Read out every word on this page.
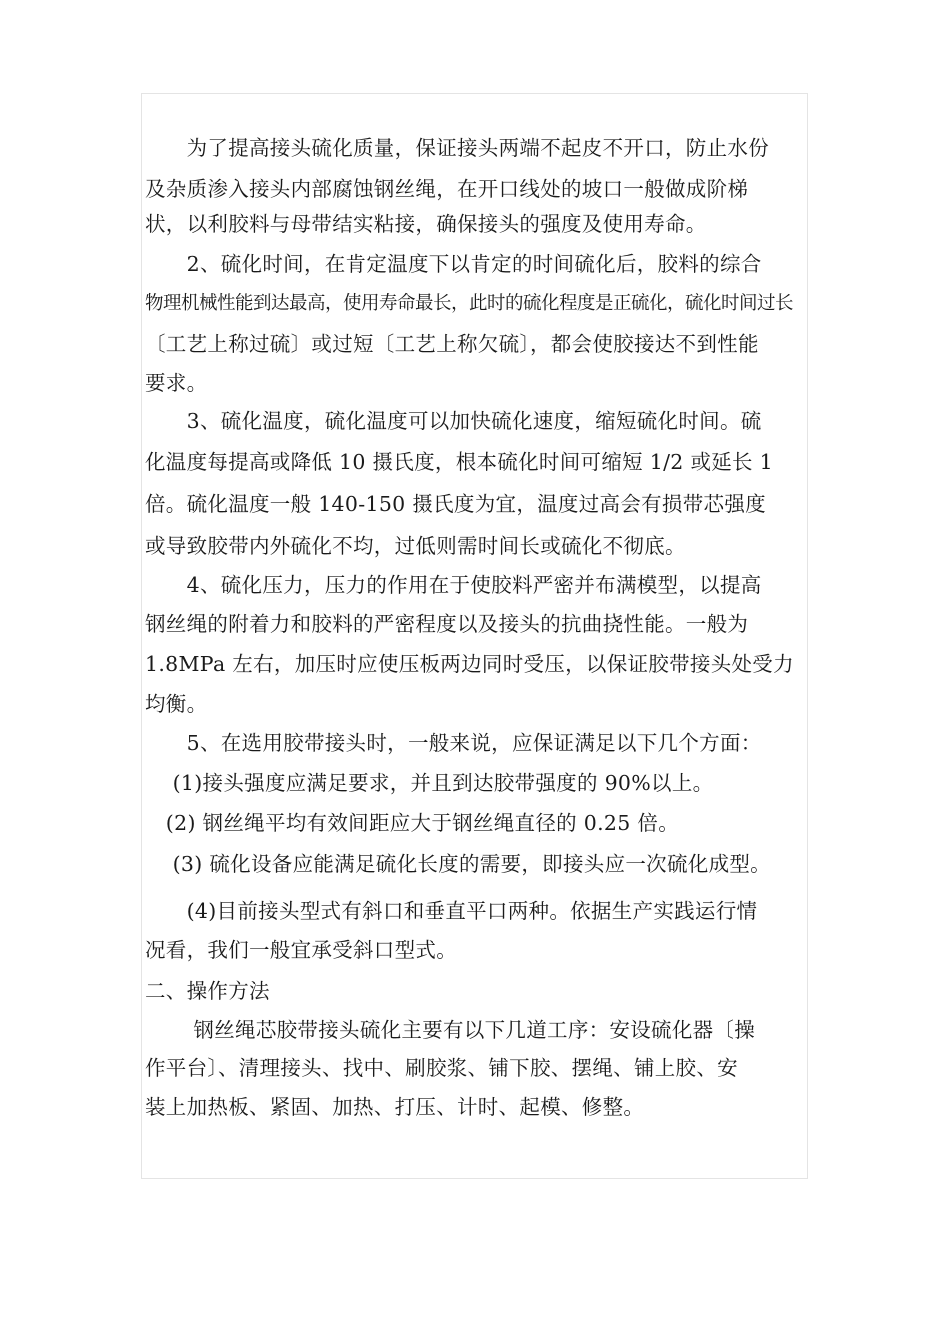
　　为了提高接头硫化质量，保证接头两端不起皮不开口，防止水份
及杂质渗入接头内部腐蚀钢丝绳，在开口线处的坡口一般做成阶梯
状，以利胶料与母带结实粘接，确保接头的强度及使用寿命。
　　2、硫化时间，在肯定温度下以肯定的时间硫化后，胶料的综合
物理机械性能到达最高，使用寿命最长，此时的硫化程度是正硫化，硫化时间过长
〔工艺上称过硫〕或过短〔工艺上称欠硫〕，都会使胶接达不到性能
要求。
　　3、硫化温度，硫化温度可以加快硫化速度，缩短硫化时间。硫
化温度每提高或降低 10 摄氏度，根本硫化时间可缩短 1/2 或延长 1
倍。硫化温度一般 140-150 摄氏度为宜，温度过高会有损带芯强度
或导致胶带内外硫化不均，过低则需时间长或硫化不彻底。
　　4、硫化压力，压力的作用在于使胶料严密并布满模型，以提高
钢丝绳的附着力和胶料的严密程度以及接头的抗曲挠性能。一般为
1.8MPa 左右，加压时应使压板两边同时受压，以保证胶带接头处受力
均衡。
　　5、在选用胶带接头时，一般来说，应保证满足以下几个方面：
　 (1)接头强度应满足要求，并且到达胶带强度的 90%以上。
　(2) 钢丝绳平均有效间距应大于钢丝绳直径的 0.25 倍。
　 (3) 硫化设备应能满足硫化长度的需要，即接头应一次硫化成型。
　　(4)目前接头型式有斜口和垂直平口两种。依据生产实践运行情
况看，我们一般宜承受斜口型式。
二、操作方法
　　 钢丝绳芯胶带接头硫化主要有以下几道工序：安设硫化器〔操
作平台〕、清理接头、找中、刷胶浆、铺下胶、摆绳、铺上胶、安
装上加热板、紧固、加热、打压、计时、起模、修整。
